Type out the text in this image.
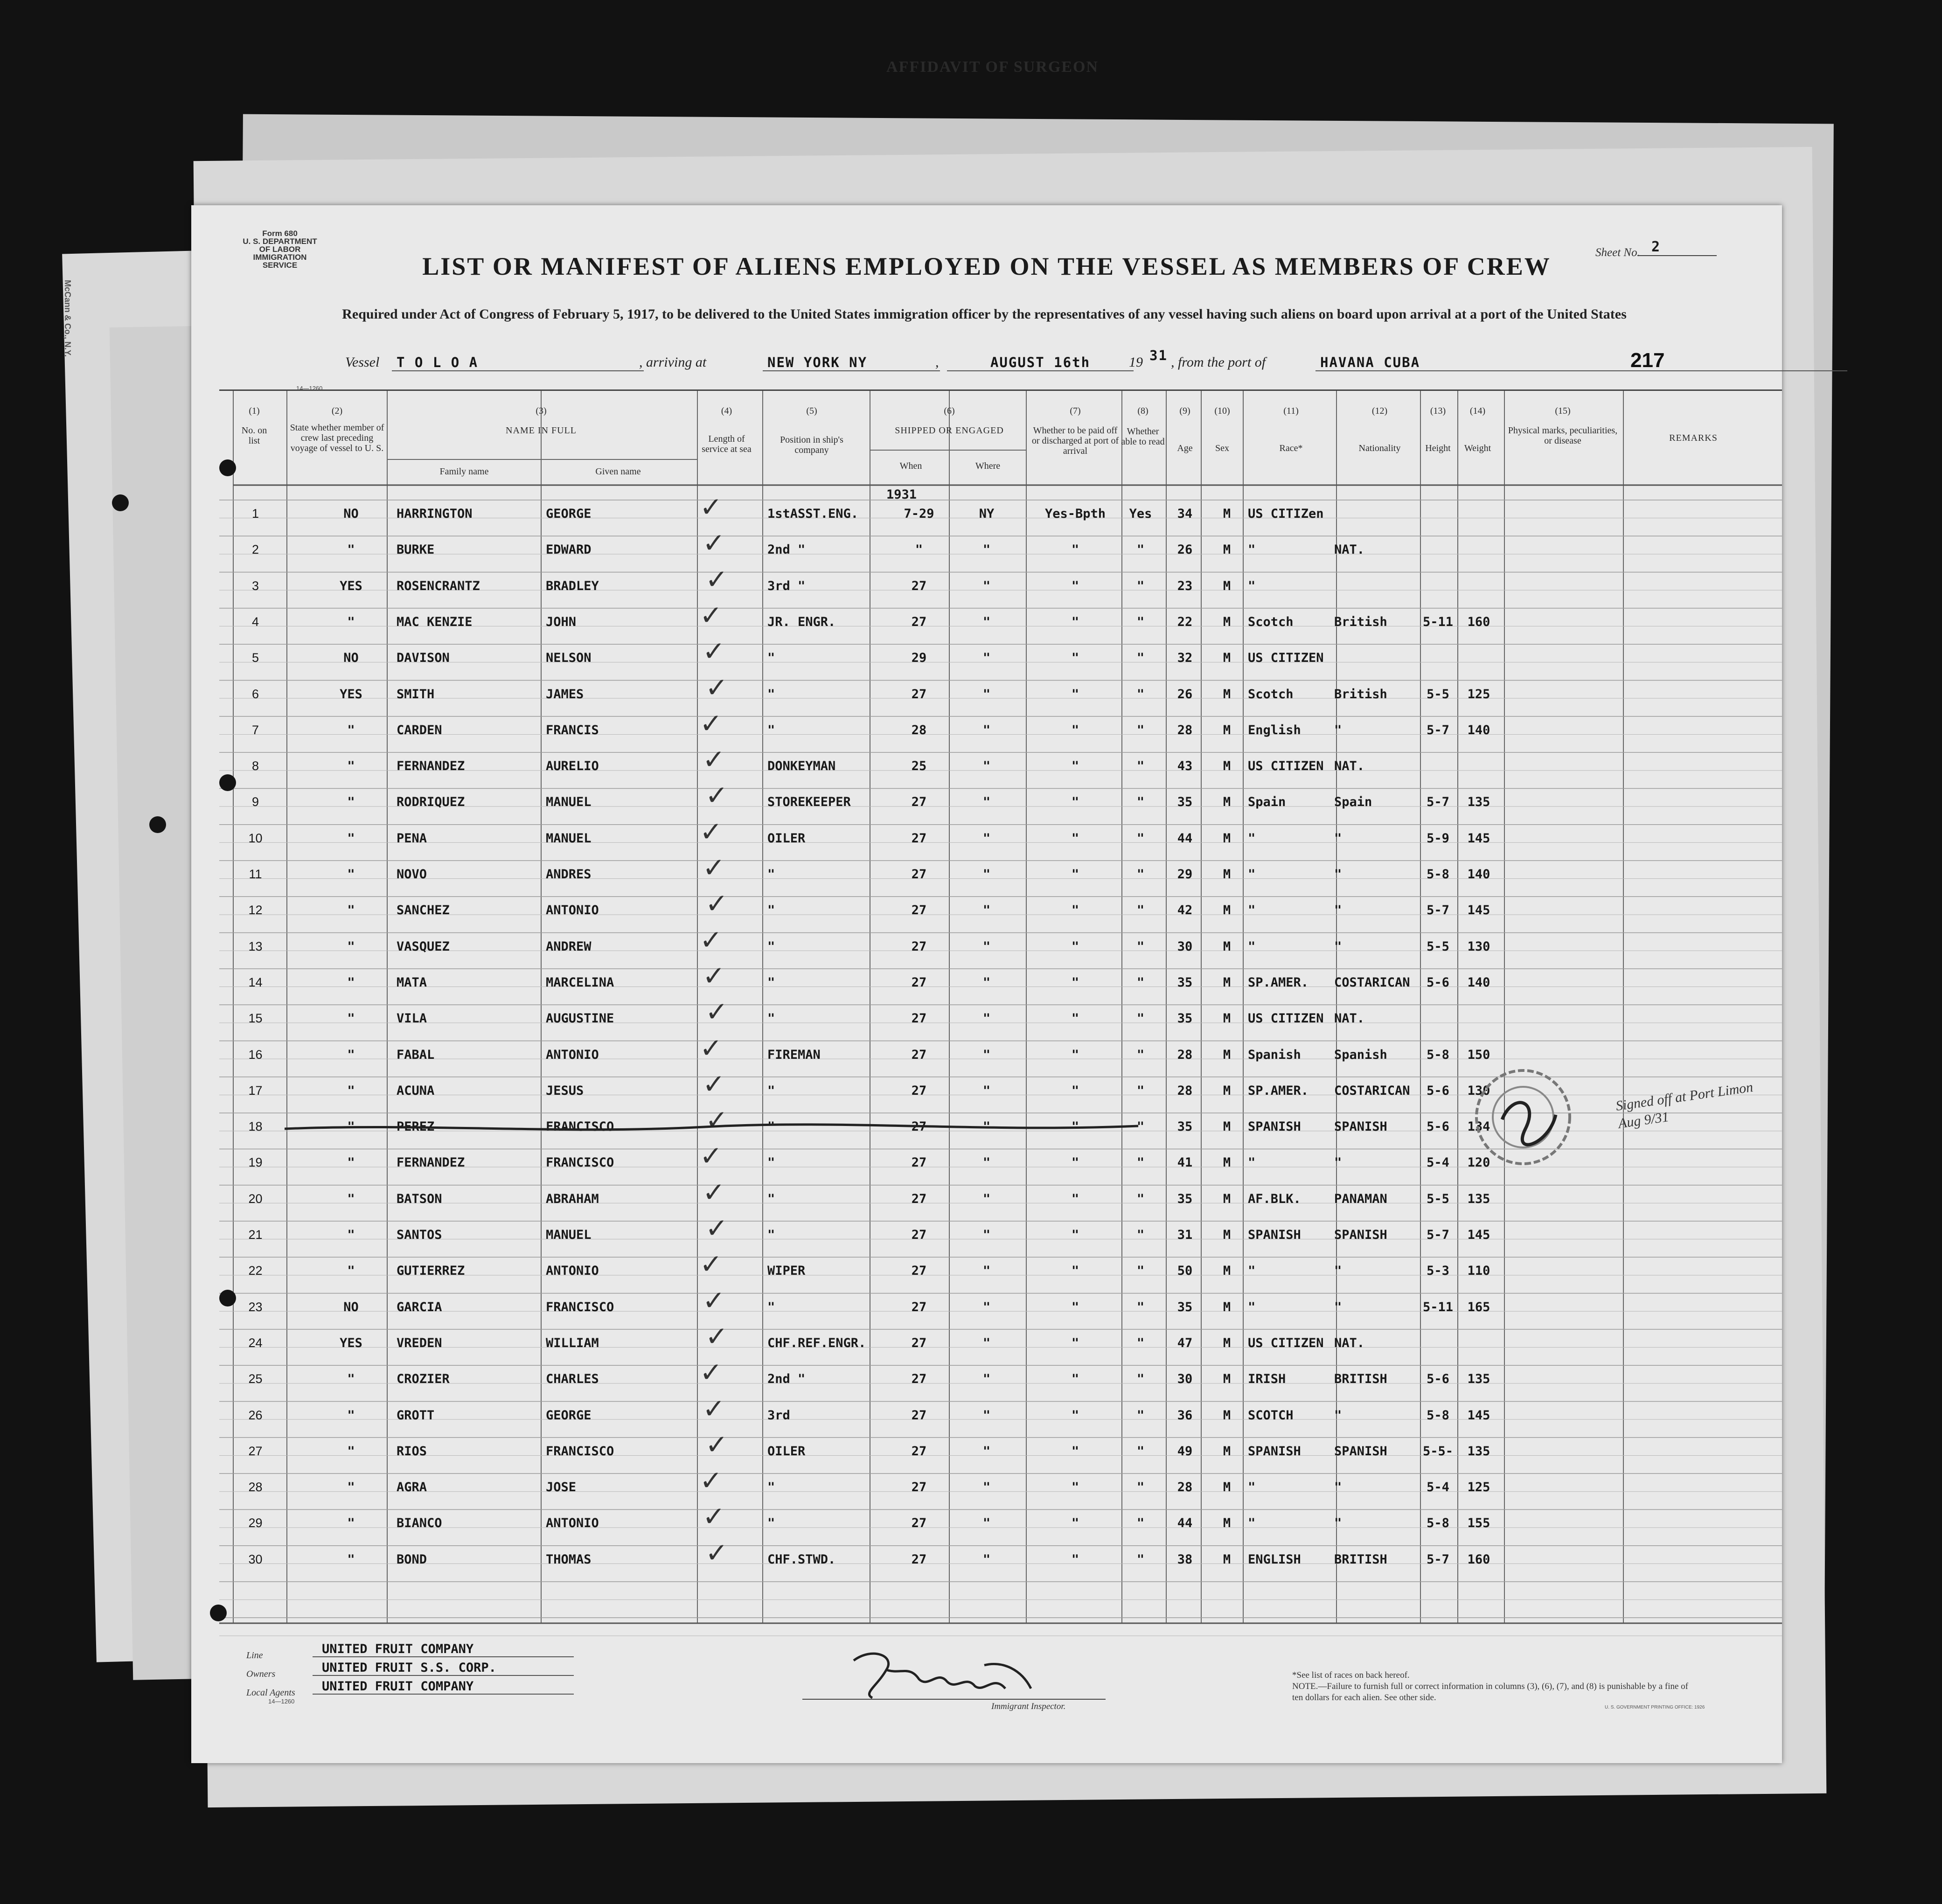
AFFIDAVIT OF SURGEON
McCann & Co., N.Y.
Form 680
U. S. DEPARTMENT OF LABOR
IMMIGRATION SERVICE
Sheet No. 2
LIST OR MANIFEST OF ALIENS EMPLOYED ON THE VESSEL AS MEMBERS OF CREW
Required under Act of Congress of February 5, 1917, to be delivered to the United States immigration officer by the representatives of any vessel having such aliens on board upon arrival at a port of the United States
Vessel	T O L O A	, arriving at	NEW YORK NY	,	AUGUST 16th	19 31 , from the port of	HAVANA CUBA	217
14—1260
(1)
No. on list
(2)
State whether member of crew last preceding voyage of vessel to U. S.
(3)
NAME IN FULL
Family name	Given name
(4)
Length of service at sea
(5)
Position in ship's company
(6)
SHIPPED OR ENGAGED
When	Where
(7)
Whether to be paid off or discharged at port of arrival
(8)
Whether able to read
(9)
Age
(10)
Sex
(11)
Race*
(12)
Nationality
(13)
Height
(14)
Weight
(15)
Physical marks, peculiarities, or disease	REMARKS
1931
1	NO	HARRINGTON	GEORGE	1stASST.ENG.	7-29	NY	Yes-Bpth	Yes	34	M	US CITIZen
✓
2	"	BURKE	EDWARD	2nd "	"	"	"	"	26	M	"	NAT.
✓
3	YES	ROSENCRANTZ	BRADLEY	3rd "	27	"	"	"	23	M	"
✓
4	"	MAC KENZIE	JOHN	JR. ENGR.	27	"	"	"	22	M	Scotch	British	5-11	160
✓
5	NO	DAVISON	NELSON	"	29	"	"	"	32	M	US CITIZEN
✓
6	YES	SMITH	JAMES	"	27	"	"	"	26	M	Scotch	British	5-5	125
✓
7	"	CARDEN	FRANCIS	"	28	"	"	"	28	M	English	"	5-7	140
✓
8	"	FERNANDEZ	AURELIO	DONKEYMAN	25	"	"	"	43	M	US CITIZEN NAT.
✓
9	"	RODRIQUEZ	MANUEL	STOREKEEPER	27	"	"	"	35	M	Spain	Spain	5-7	135
✓
10	"	PENA	MANUEL	OILER	27	"	"	"	44	M	"	"	5-9	145
✓
11	"	NOVO	ANDRES	"	27	"	"	"	29	M	"	"	5-8	140
✓
12	"	SANCHEZ	ANTONIO	"	27	"	"	"	42	M	"	"	5-7	145
✓
13	"	VASQUEZ	ANDREW	"	27	"	"	"	30	M	"	"	5-5	130
✓
14	"	MATA	MARCELINA	"	27	"	"	"	35	M	SP.AMER.	COSTARICAN	5-6	140
✓
15	"	VILA	AUGUSTINE	"	27	"	"	"	35	M	US CITIZEN NAT.
✓
16	"	FABAL	ANTONIO	FIREMAN	27	"	"	"	28	M	Spanish	Spanish	5-8	150
✓
17	"	ACUNA	JESUS	"	27	"	"	"	28	M	SP.AMER.	COSTARICAN	5-6	130
✓
18	"	PEREZ	FRANCISCO	"	27	"	"	"	35	M	SPANISH	SPANISH	5-6	134
✓
19	"	FERNANDEZ	FRANCISCO	"	27	"	"	"	41	M	"	"	5-4	120
✓
20	"	BATSON	ABRAHAM	"	27	"	"	"	35	M	AF.BLK.	PANAMAN	5-5	135
✓
21	"	SANTOS	MANUEL	"	27	"	"	"	31	M	SPANISH	SPANISH	5-7	145
✓
22	"	GUTIERREZ	ANTONIO	WIPER	27	"	"	"	50	M	"	"	5-3	110
✓
23	NO	GARCIA	FRANCISCO	"	27	"	"	"	35	M	"	"	5-11	165
✓
24	YES	VREDEN	WILLIAM	CHF.REF.ENGR.	27	"	"	"	47	M	US CITIZEN NAT.
✓
25	"	CROZIER	CHARLES	2nd "	27	"	"	"	30	M	IRISH	BRITISH	5-6	135
✓
26	"	GROTT	GEORGE	3rd	27	"	"	"	36	M	SCOTCH	"	5-8	145
✓
27	"	RIOS	FRANCISCO	OILER	27	"	"	"	49	M	SPANISH	SPANISH	5-5-	135
✓
28	"	AGRA	JOSE	"	27	"	"	"	28	M	"	"	5-4	125
✓
29	"	BIANCO	ANTONIO	"	27	"	"	"	44	M	"	"	5-8	155
✓
30	"	BOND	THOMAS	CHF.STWD.	27	"	"	"	38	M	ENGLISH	BRITISH	5-7	160
✓
Signed off at Port Limon Aug 9/31
Line	UNITED FRUIT COMPANY
Owners	UNITED FRUIT S.S. CORP.
Local Agents	UNITED FRUIT COMPANY
14—1260
Immigrant Inspector.
*See list of races on back hereof.
NOTE.—Failure to furnish full or correct information in columns (3), (6), (7), and (8) is punishable by a fine of ten dollars for each alien. See other side.
U. S. GOVERNMENT PRINTING OFFICE: 1926
